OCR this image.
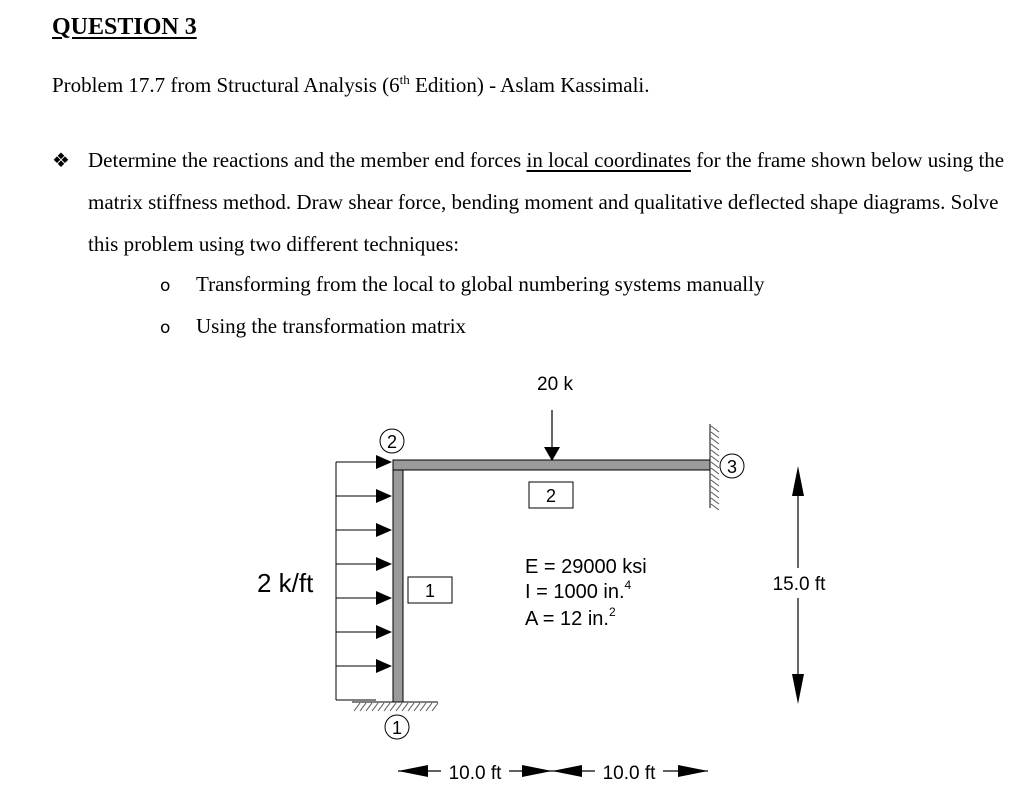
QUESTION 3

Problem 17.7 from Structural Analysis (6th Edition) - Aslam Kassimali.

❖ Determine the reactions and the member end forces in local coordinates for the frame shown below using the matrix stiffness method. Draw shear force, bending moment and qualitative deflected shape diagrams. Solve this problem using two different techniques:

o Transforming from the local to global numbering systems manually

o Using the transformation matrix

2 k/ft
20 k
2
1
3
2
1
E = 29000 ksi
I = 1000 in.$^4$
A = 12 in.$^2$
15.0 ft
10.0 ft	10.0 ft
